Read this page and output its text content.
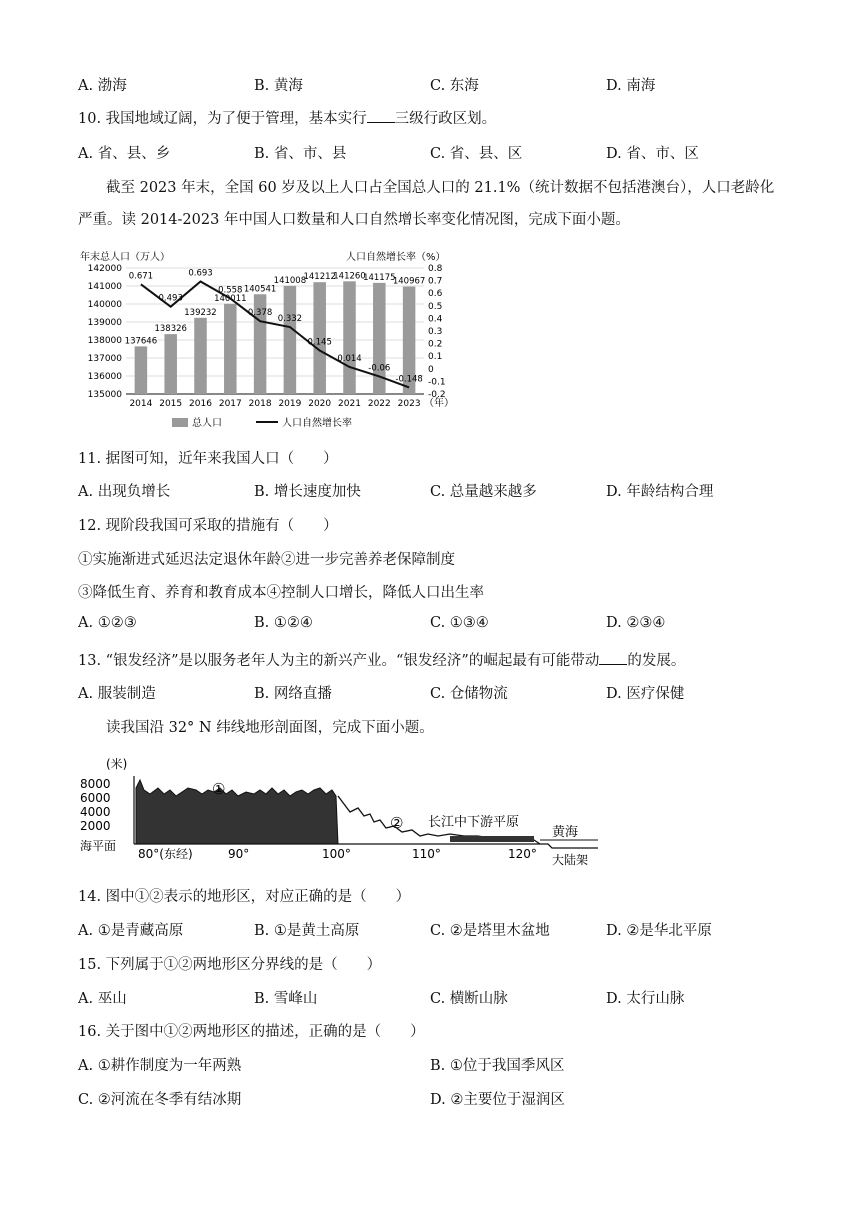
A. 渤海	B. 黄海	C. 东海	D. 南海
10. 我国地域辽阔，为了便于管理，基本实行 三级行政区划。
A. 省、县、乡	B. 省、市、县	C. 省、县、区	D. 省、市、区
截至 2023 年末，全国 60 岁及以上人口占全国总人口的 21.1%（统计数据不包括港澳台），人口老龄化
严重。读 2014-2023 年中国人口数量和人口自然增长率变化情况图，完成下面小题。
年末总人口（万人）	人口自然增长率（%）
137646
138326
139232
140011
140541
141008
141212
141260
141175
140967
142000
141000
140000
139000
138000
137000
136000
135000
0.8
0.7
0.6
0.5
0.4
0.3
0.2
0.1
0
-0.1
-0.2
2014 2015 2016 2017 2018 2019 2020 2021 2022 2023
0.671
0.493
0.693
0.558
0.378
0.332
0.145
0.014
-0.06
-0.148
（年）
总人口	人口自然增长率
11. 据图可知，近年来我国人口（　　）
A. 出现负增长	B. 增长速度加快	C. 总量越来越多	D. 年龄结构合理
12. 现阶段我国可采取的措施有（　　）
①实施渐进式延迟法定退休年龄②进一步完善养老保障制度
③降低生育、养育和教育成本④控制人口增长，降低人口出生率
A. ①②③	B. ①②④	C. ①③④	D. ②③④
13. “银发经济”是以服务老年人为主的新兴产业。“银发经济”的崛起最有可能带动 的发展。
A. 服装制造	B. 网络直播	C. 仓储物流	D. 医疗保健
读我国沿 32° N 纬线地形剖面图，完成下面小题。
(米)
8000
6000
4000
2000
海平面
①
② 长江中下游平原
黄海
大陆架
80°(东经)	90°	100°	110°	120°
14. 图中①②表示的地形区，对应正确的是（　　）
A. ①是青藏高原	B. ①是黄土高原	C. ②是塔里木盆地	D. ②是华北平原
15. 下列属于①②两地形区分界线的是（　　）
A. 巫山	B. 雪峰山	C. 横断山脉	D. 太行山脉
16. 关于图中①②两地形区的描述，正确的是（　　）
A. ①耕作制度为一年两熟	B. ①位于我国季风区
C. ②河流在冬季有结冰期	D. ②主要位于湿润区
